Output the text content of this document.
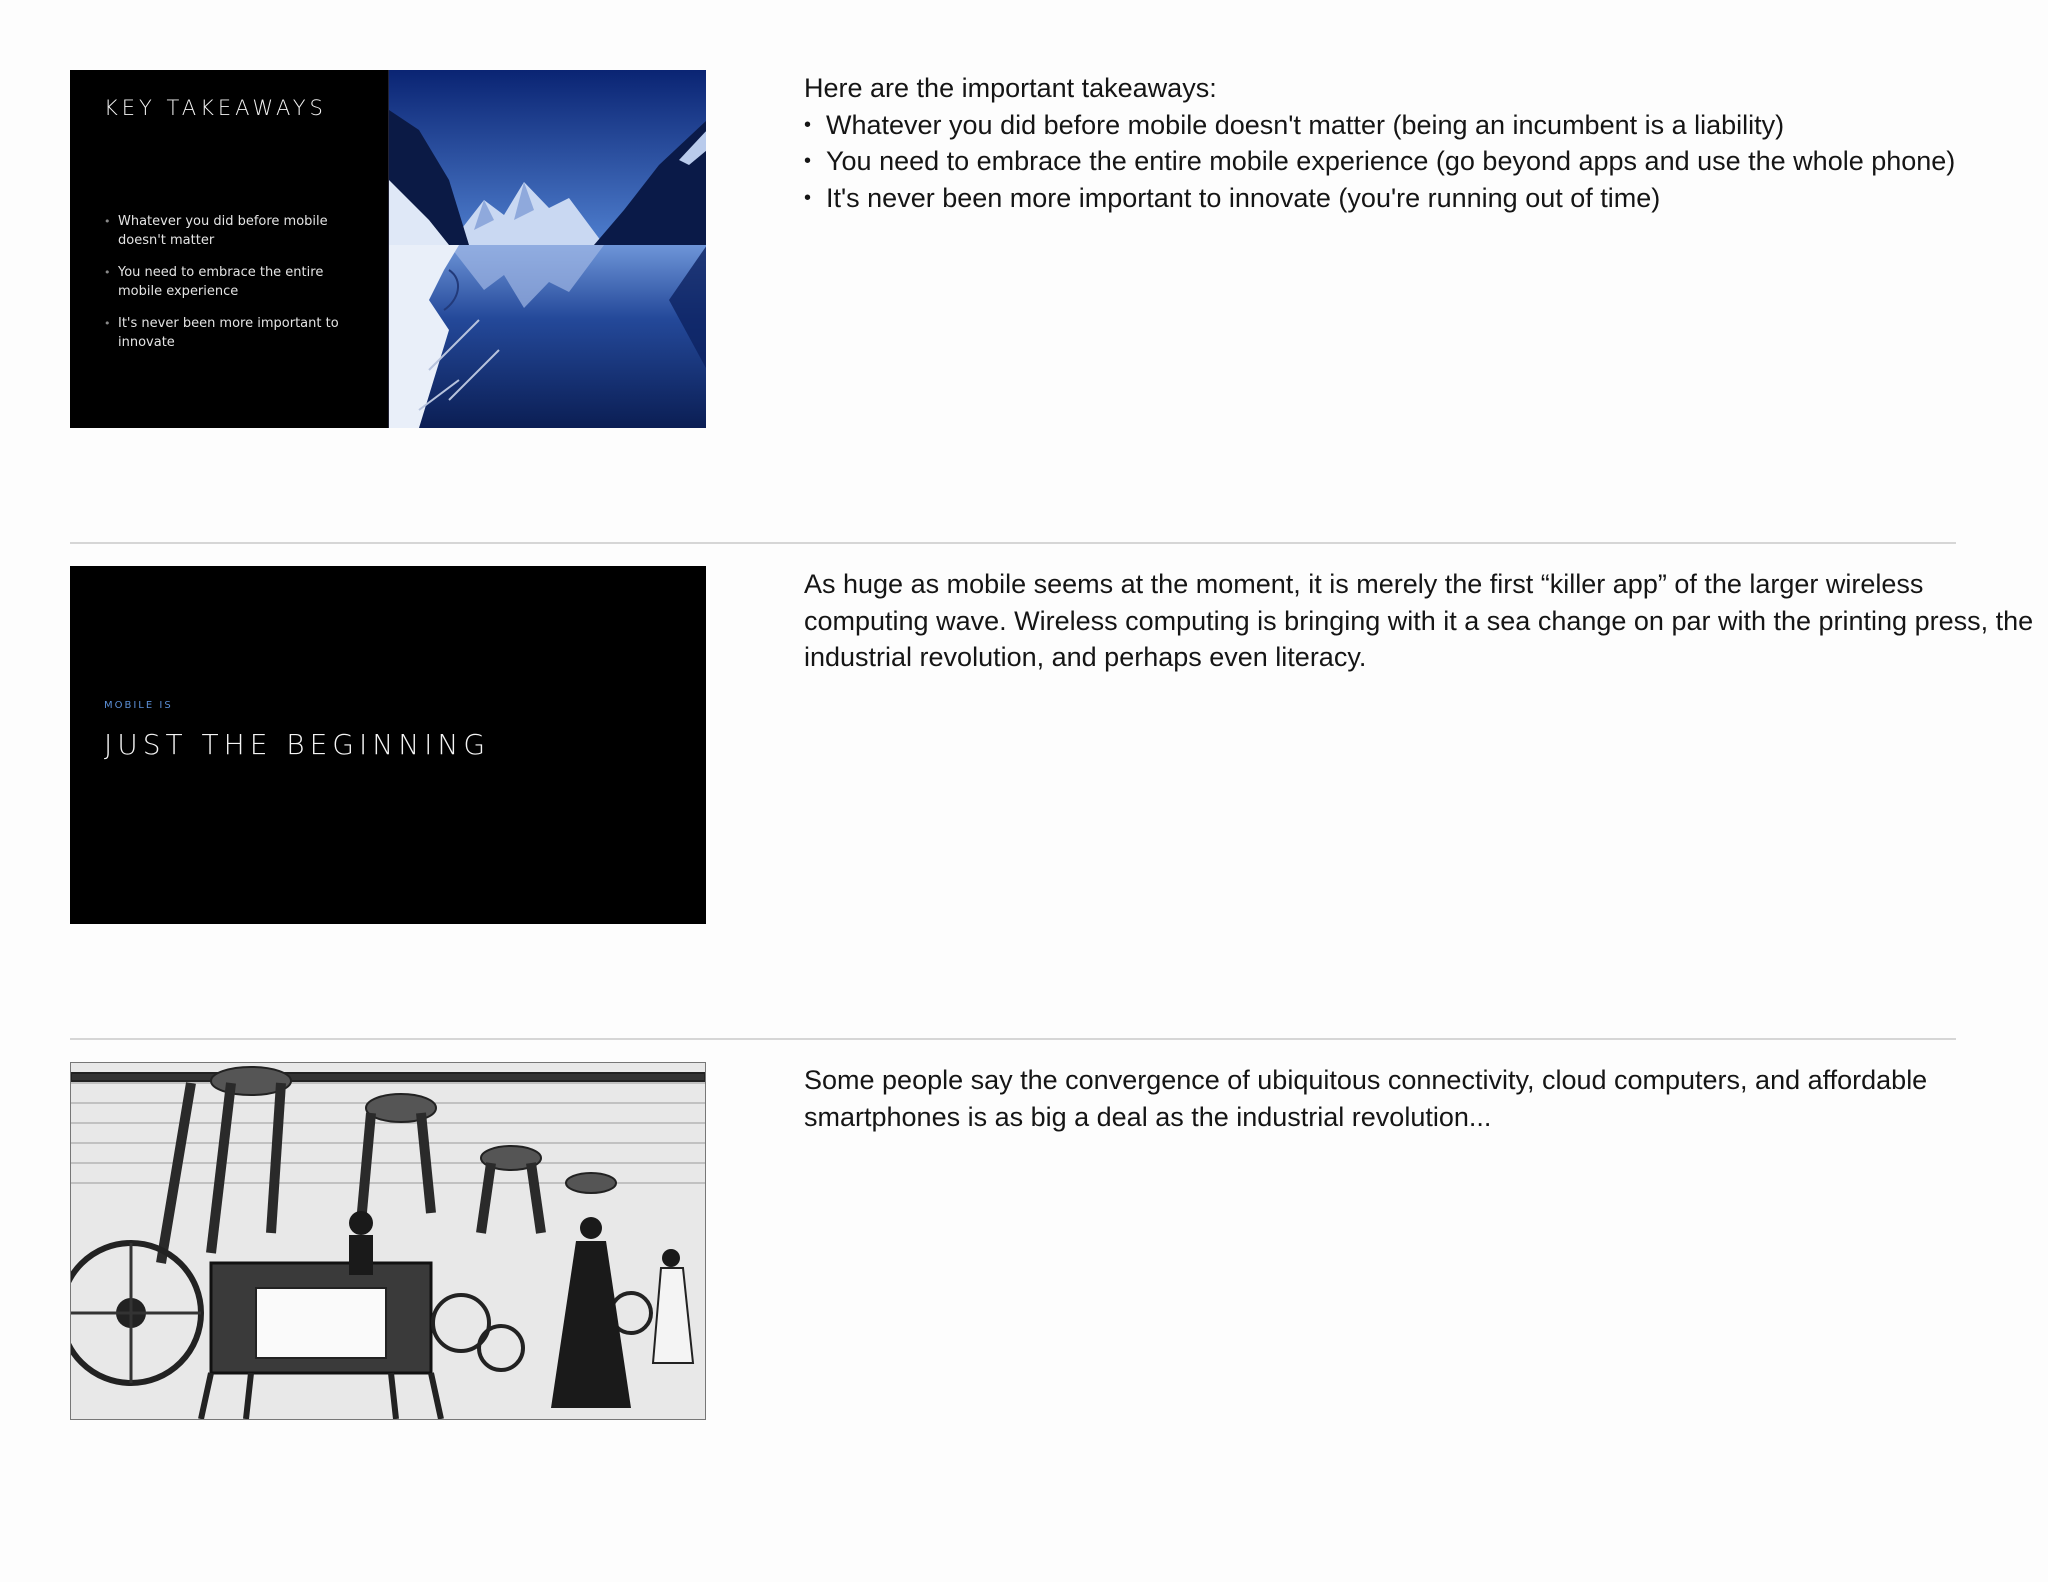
KEY TAKEAWAYS
• Whatever you did before mobile doesn't matter
• You need to embrace the entire mobile experience
• It's never been more important to innovate

Here are the important takeaways:

• Whatever you did before mobile doesn't matter (being an incumbent is a liability)
• You need to embrace the entire mobile experience (go beyond apps and use the whole phone)
• It's never been more important to innovate (you're running out of time)
MOBILE IS
JUST THE BEGINNING

As huge as mobile seems at the moment, it is merely the first “killer app” of the larger wireless computing wave. Wireless computing is bringing with it a sea change on par with the printing press, the industrial revolution, and perhaps even literacy.

Some people say the convergence of ubiquitous connectivity, cloud computers, and affordable smartphones is as big a deal as the industrial revolution...
